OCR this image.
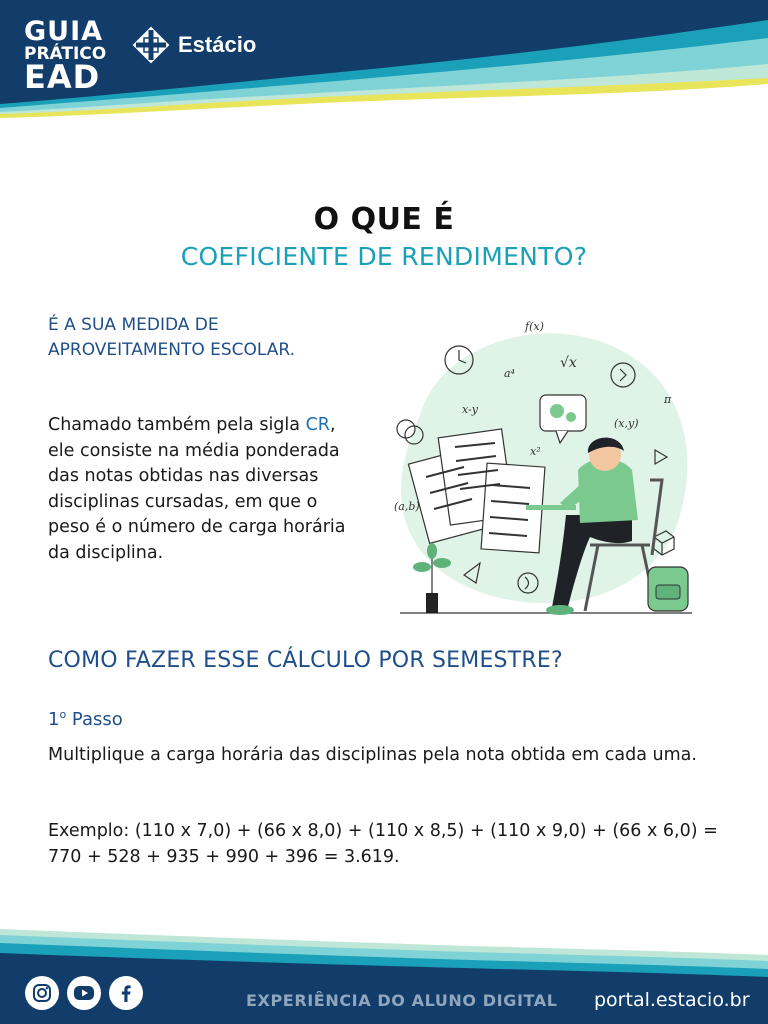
GUIA
PRÁTICO
EAD
Estácio
O QUE É
COEFICIENTE DE RENDIMENTO?
É A SUA MEDIDA DE APROVEITAMENTO ESCOLAR.
Chamado também pela sigla CR, ele consiste na média ponderada das notas obtidas nas diversas disciplinas cursadas, em que o peso é o número de carga horária da disciplina.
f(x)
√x
a⁴
x-y
x²
(x,y)
π
(a,b)
COMO FAZER ESSE CÁLCULO POR SEMESTRE?
1$^o$ Passo
Multiplique a carga horária das disciplinas pela nota obtida em cada uma.
Exemplo: (110 x 7,0) + (66 x 8,0) + (110 x 8,5) + (110 x 9,0) + (66 x 6,0) = 770 + 528 + 935 + 990 + 396 = 3.619.
EXPERIÊNCIA DO ALUNO DIGITAL portal.estacio.br
